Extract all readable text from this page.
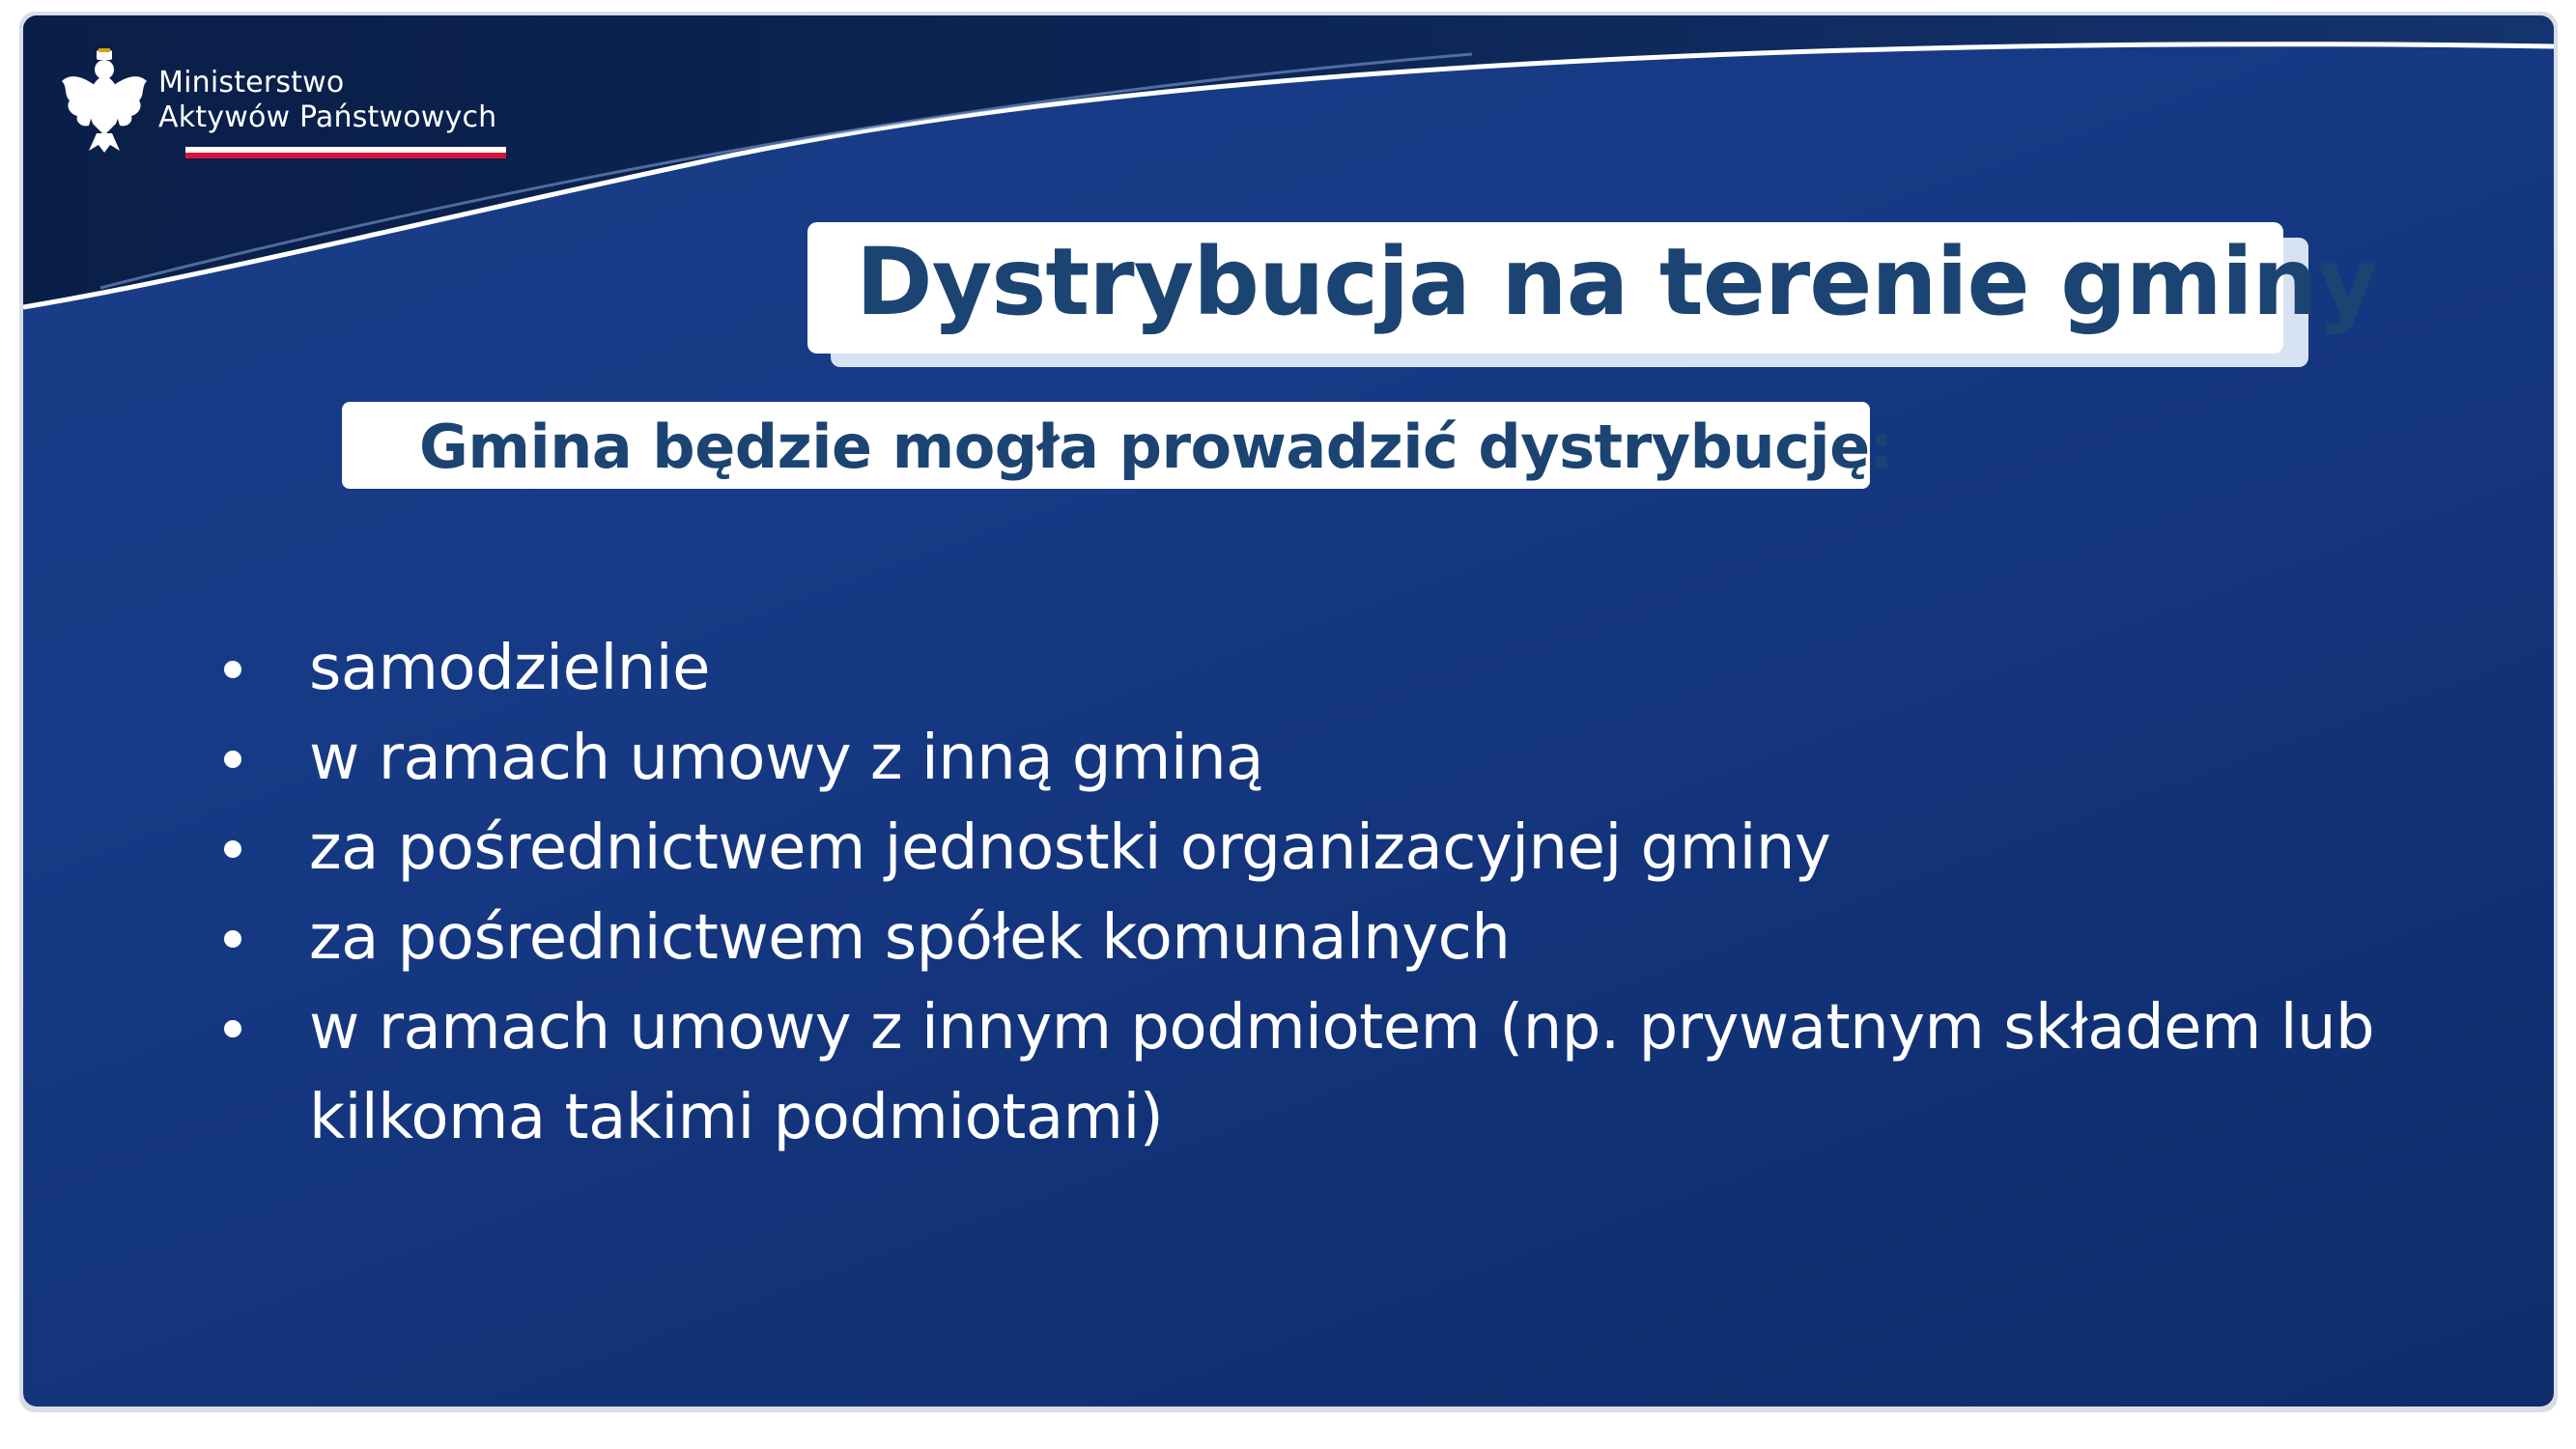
Ministerstwo
Aktywów Państwowych
Dystrybucja na terenie gminy
Gmina będzie mogła prowadzić dystrybucję:
samodzielnie
w ramach umowy z inną gminą
za pośrednictwem jednostki organizacyjnej gminy
za pośrednictwem spółek komunalnych
w ramach umowy z innym podmiotem (np. prywatnym składem lub kilkoma takimi podmiotami)
